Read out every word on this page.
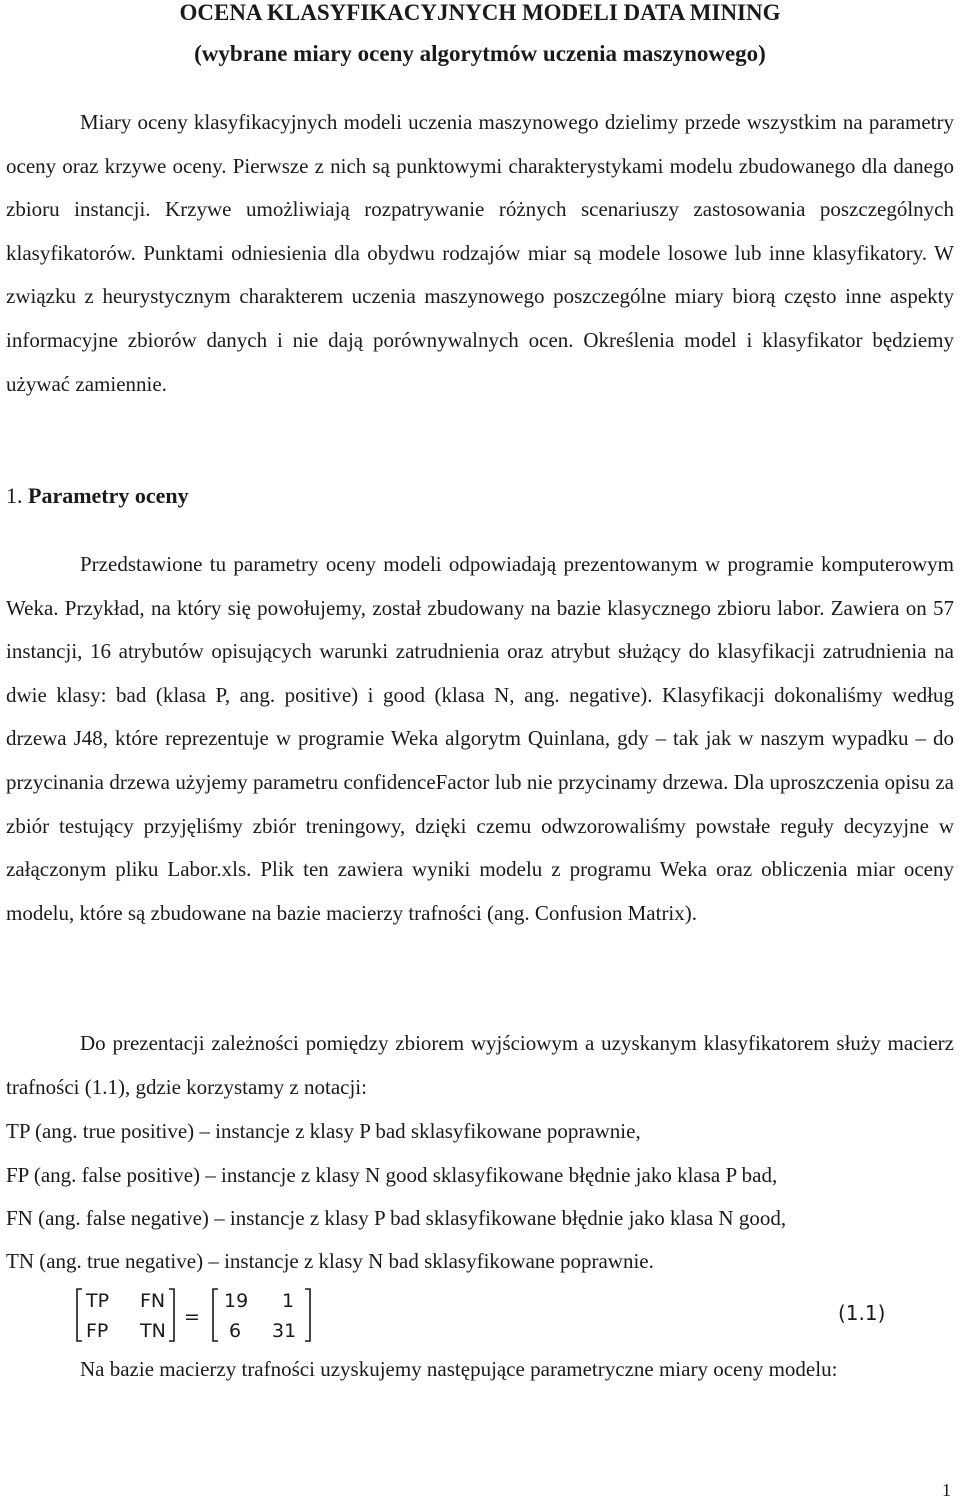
OCENA KLASYFIKACYJNYCH MODELI DATA MINING
(wybrane miary oceny algorytmów uczenia maszynowego)

Miary oceny klasyfikacyjnych modeli uczenia maszynowego dzielimy przede wszystkim na parametry oceny oraz krzywe oceny. Pierwsze z nich są punktowymi charakterystykami modelu zbudowanego dla danego zbioru instancji. Krzywe umożliwiają rozpatrywanie różnych scenariuszy zastosowania poszczególnych klasyfikatorów. Punktami odniesienia dla obydwu rodzajów miar są modele losowe lub inne klasyfikatory. W związku z heurystycznym charakterem uczenia maszynowego poszczególne miary biorą często inne aspekty informacyjne zbiorów danych i nie dają porównywalnych ocen. Określenia model i klasyfikator będziemy używać zamiennie.

1. Parametry oceny

Przedstawione tu parametry oceny modeli odpowiadają prezentowanym w programie komputerowym Weka. Przykład, na który się powołujemy, został zbudowany na bazie klasycznego zbioru labor. Zawiera on 57 instancji, 16 atrybutów opisujących warunki zatrudnienia oraz atrybut służący do klasyfikacji zatrudnienia na dwie klasy: bad (klasa P, ang. positive) i good (klasa N, ang. negative). Klasyfikacji dokonaliśmy według drzewa J48, które reprezentuje w programie Weka algorytm Quinlana, gdy – tak jak w naszym wypadku – do przycinania drzewa użyjemy parametru confidenceFactor lub nie przycinamy drzewa. Dla uproszczenia opisu za zbiór testujący przyjęliśmy zbiór treningowy, dzięki czemu odwzorowaliśmy powstałe reguły decyzyjne w załączonym pliku Labor.xls. Plik ten zawiera wyniki modelu z programu Weka oraz obliczenia miar oceny modelu, które są zbudowane na bazie macierzy trafności (ang. Confusion Matrix).

Do prezentacji zależności pomiędzy zbiorem wyjściowym a uzyskanym klasyfikatorem służy macierz trafności (1.1), gdzie korzystamy z notacji:

TP (ang. true positive) – instancje z klasy P bad sklasyfikowane poprawnie,
FP (ang. false positive) – instancje z klasy N good sklasyfikowane błędnie jako klasa P bad,
FN (ang. false negative) – instancje z klasy P bad sklasyfikowane błędnie jako klasa N good,
TN (ang. true negative) – instancje z klasy N bad sklasyfikowane poprawnie.
TP FN
FP TN
=
19 1
6 31
(1.1)

Na bazie macierzy trafności uzyskujemy następujące parametryczne miary oceny modelu:

1
